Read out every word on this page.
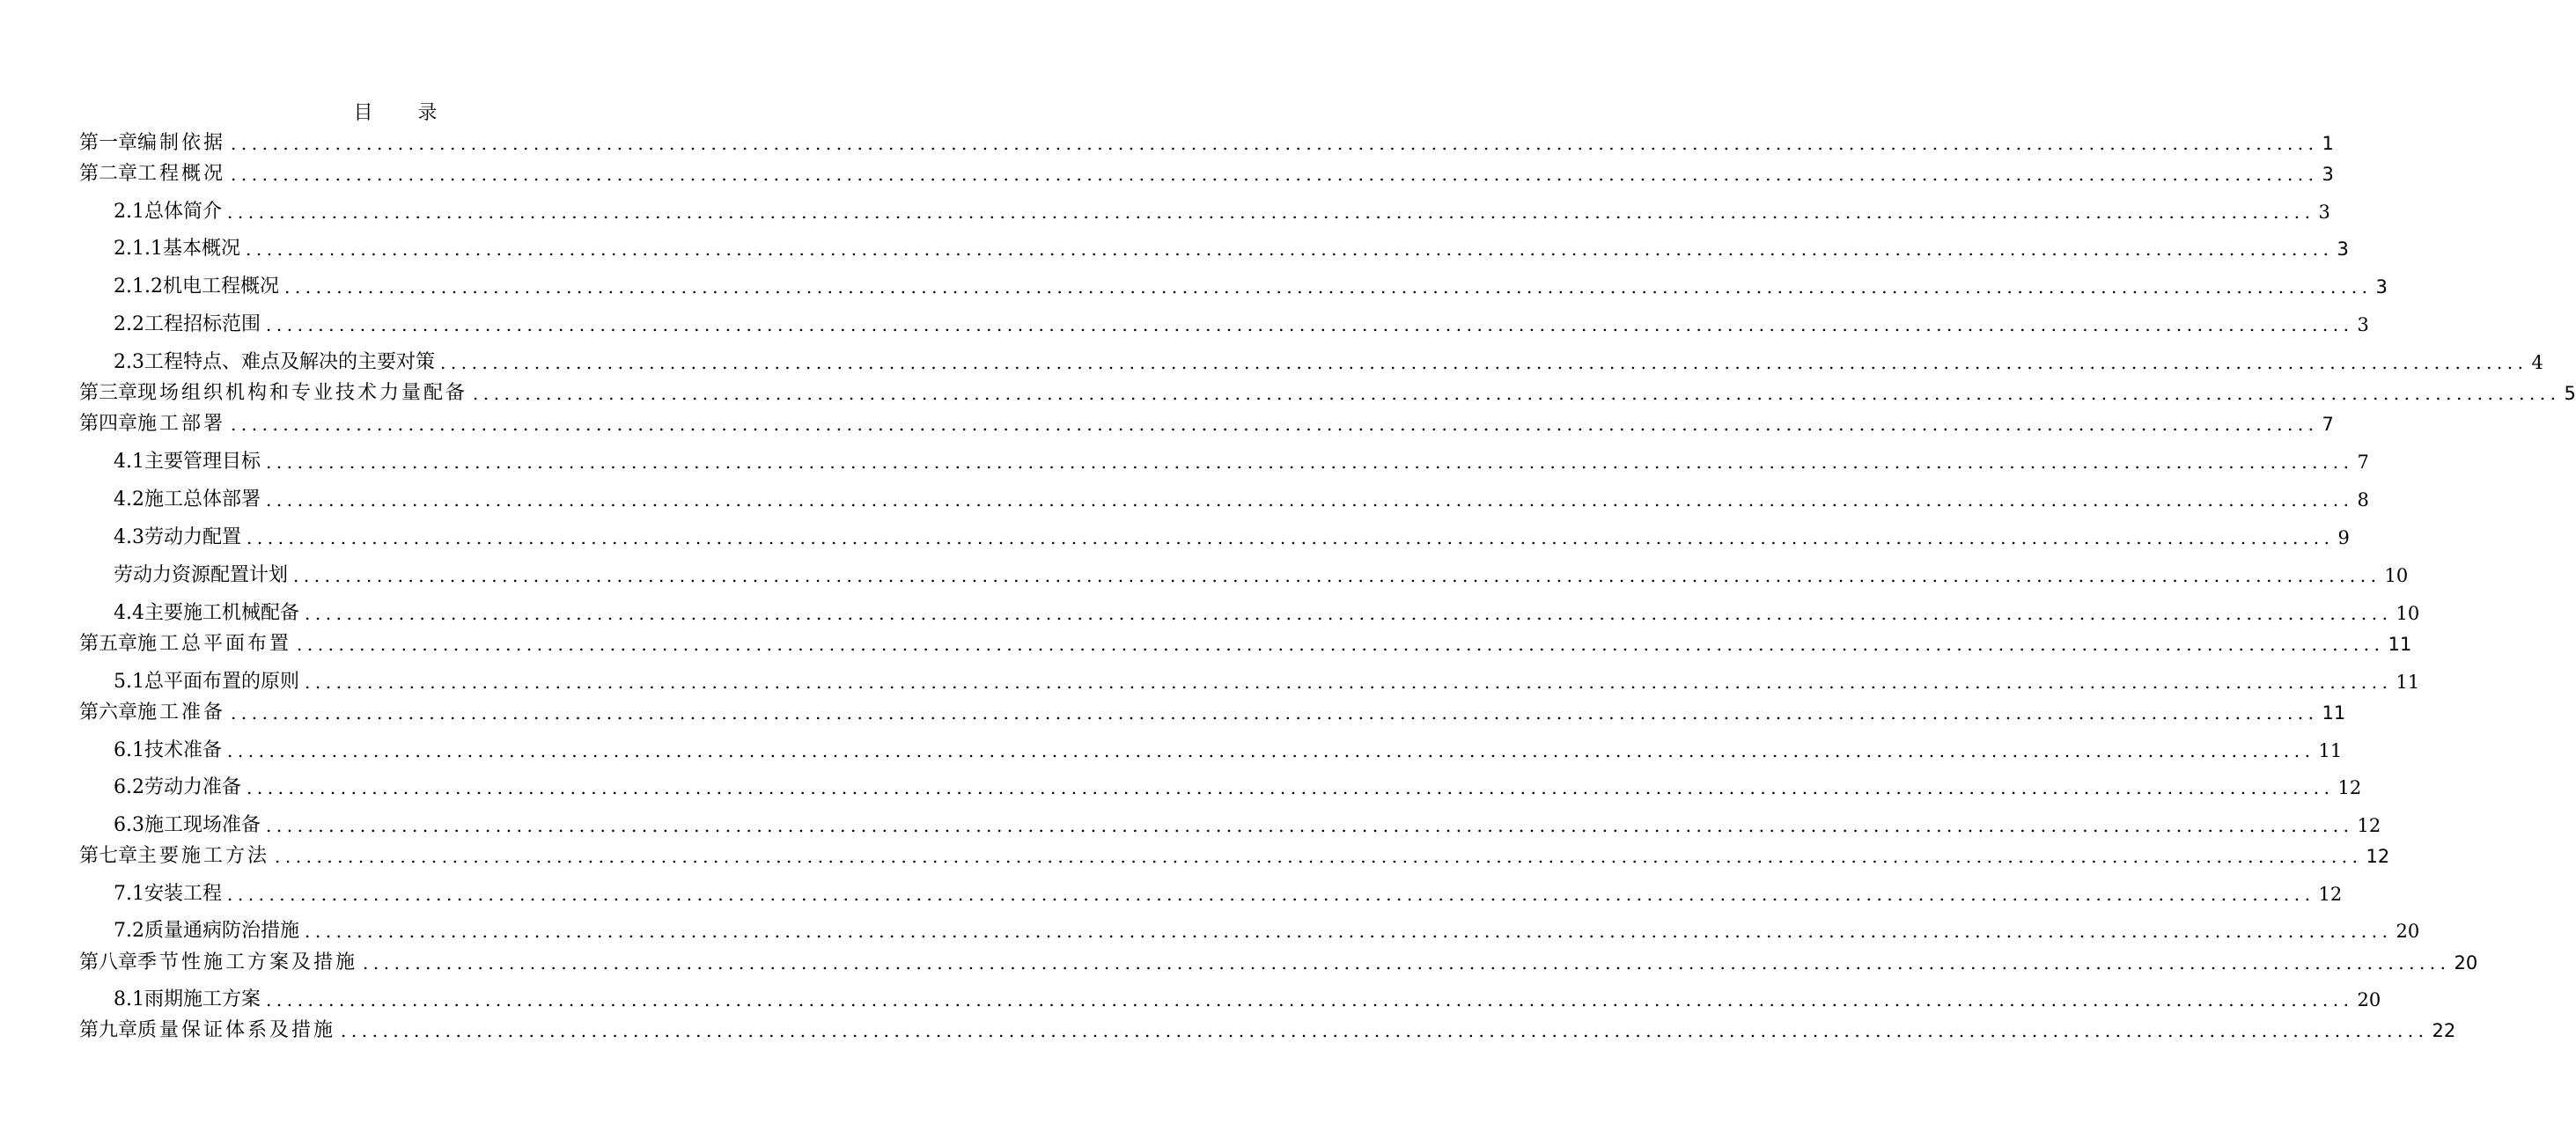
目 录
第一章 编制依据 ........................................................................................................................................................................................................ 1
第二章 工程概况 ........................................................................................................................................................................................................ 3
2.1 总体简介 ........................................................................................................................................................................................................ 3
2.1.1 基本概况 ........................................................................................................................................................................................................ 3
2.1.2 机电工程概况 ........................................................................................................................................................................................................ 3
2.2 工程招标范围 ........................................................................................................................................................................................................ 3
2.3 工程特点、难点及解决的主要对策 ........................................................................................................................................................................................................ 4
第三章 现场组织机构和专业技术力量配备 ........................................................................................................................................................................................................ 5
第四章 施工部署 ........................................................................................................................................................................................................ 7
4.1 主要管理目标 ........................................................................................................................................................................................................ 7
4.2 施工总体部署 ........................................................................................................................................................................................................ 8
4.3 劳动力配置 ........................................................................................................................................................................................................ 9
劳动力资源配置计划 ........................................................................................................................................................................................................ 10
4.4 主要施工机械配备 ........................................................................................................................................................................................................ 10
第五章 施工总平面布置 ........................................................................................................................................................................................................ 11
5.1 总平面布置的原则 ........................................................................................................................................................................................................ 11
第六章 施工准备 ........................................................................................................................................................................................................ 11
6.1 技术准备 ........................................................................................................................................................................................................ 11
6.2 劳动力准备 ........................................................................................................................................................................................................ 12
6.3 施工现场准备 ........................................................................................................................................................................................................ 12
第七章 主要施工方法 ........................................................................................................................................................................................................ 12
7.1 安装工程 ........................................................................................................................................................................................................ 12
7.2 质量通病防治措施 ........................................................................................................................................................................................................ 20
第八章 季节性施工方案及措施 ........................................................................................................................................................................................................ 20
8.1 雨期施工方案 ........................................................................................................................................................................................................ 20
第九章 质量保证体系及措施 ........................................................................................................................................................................................................ 22
